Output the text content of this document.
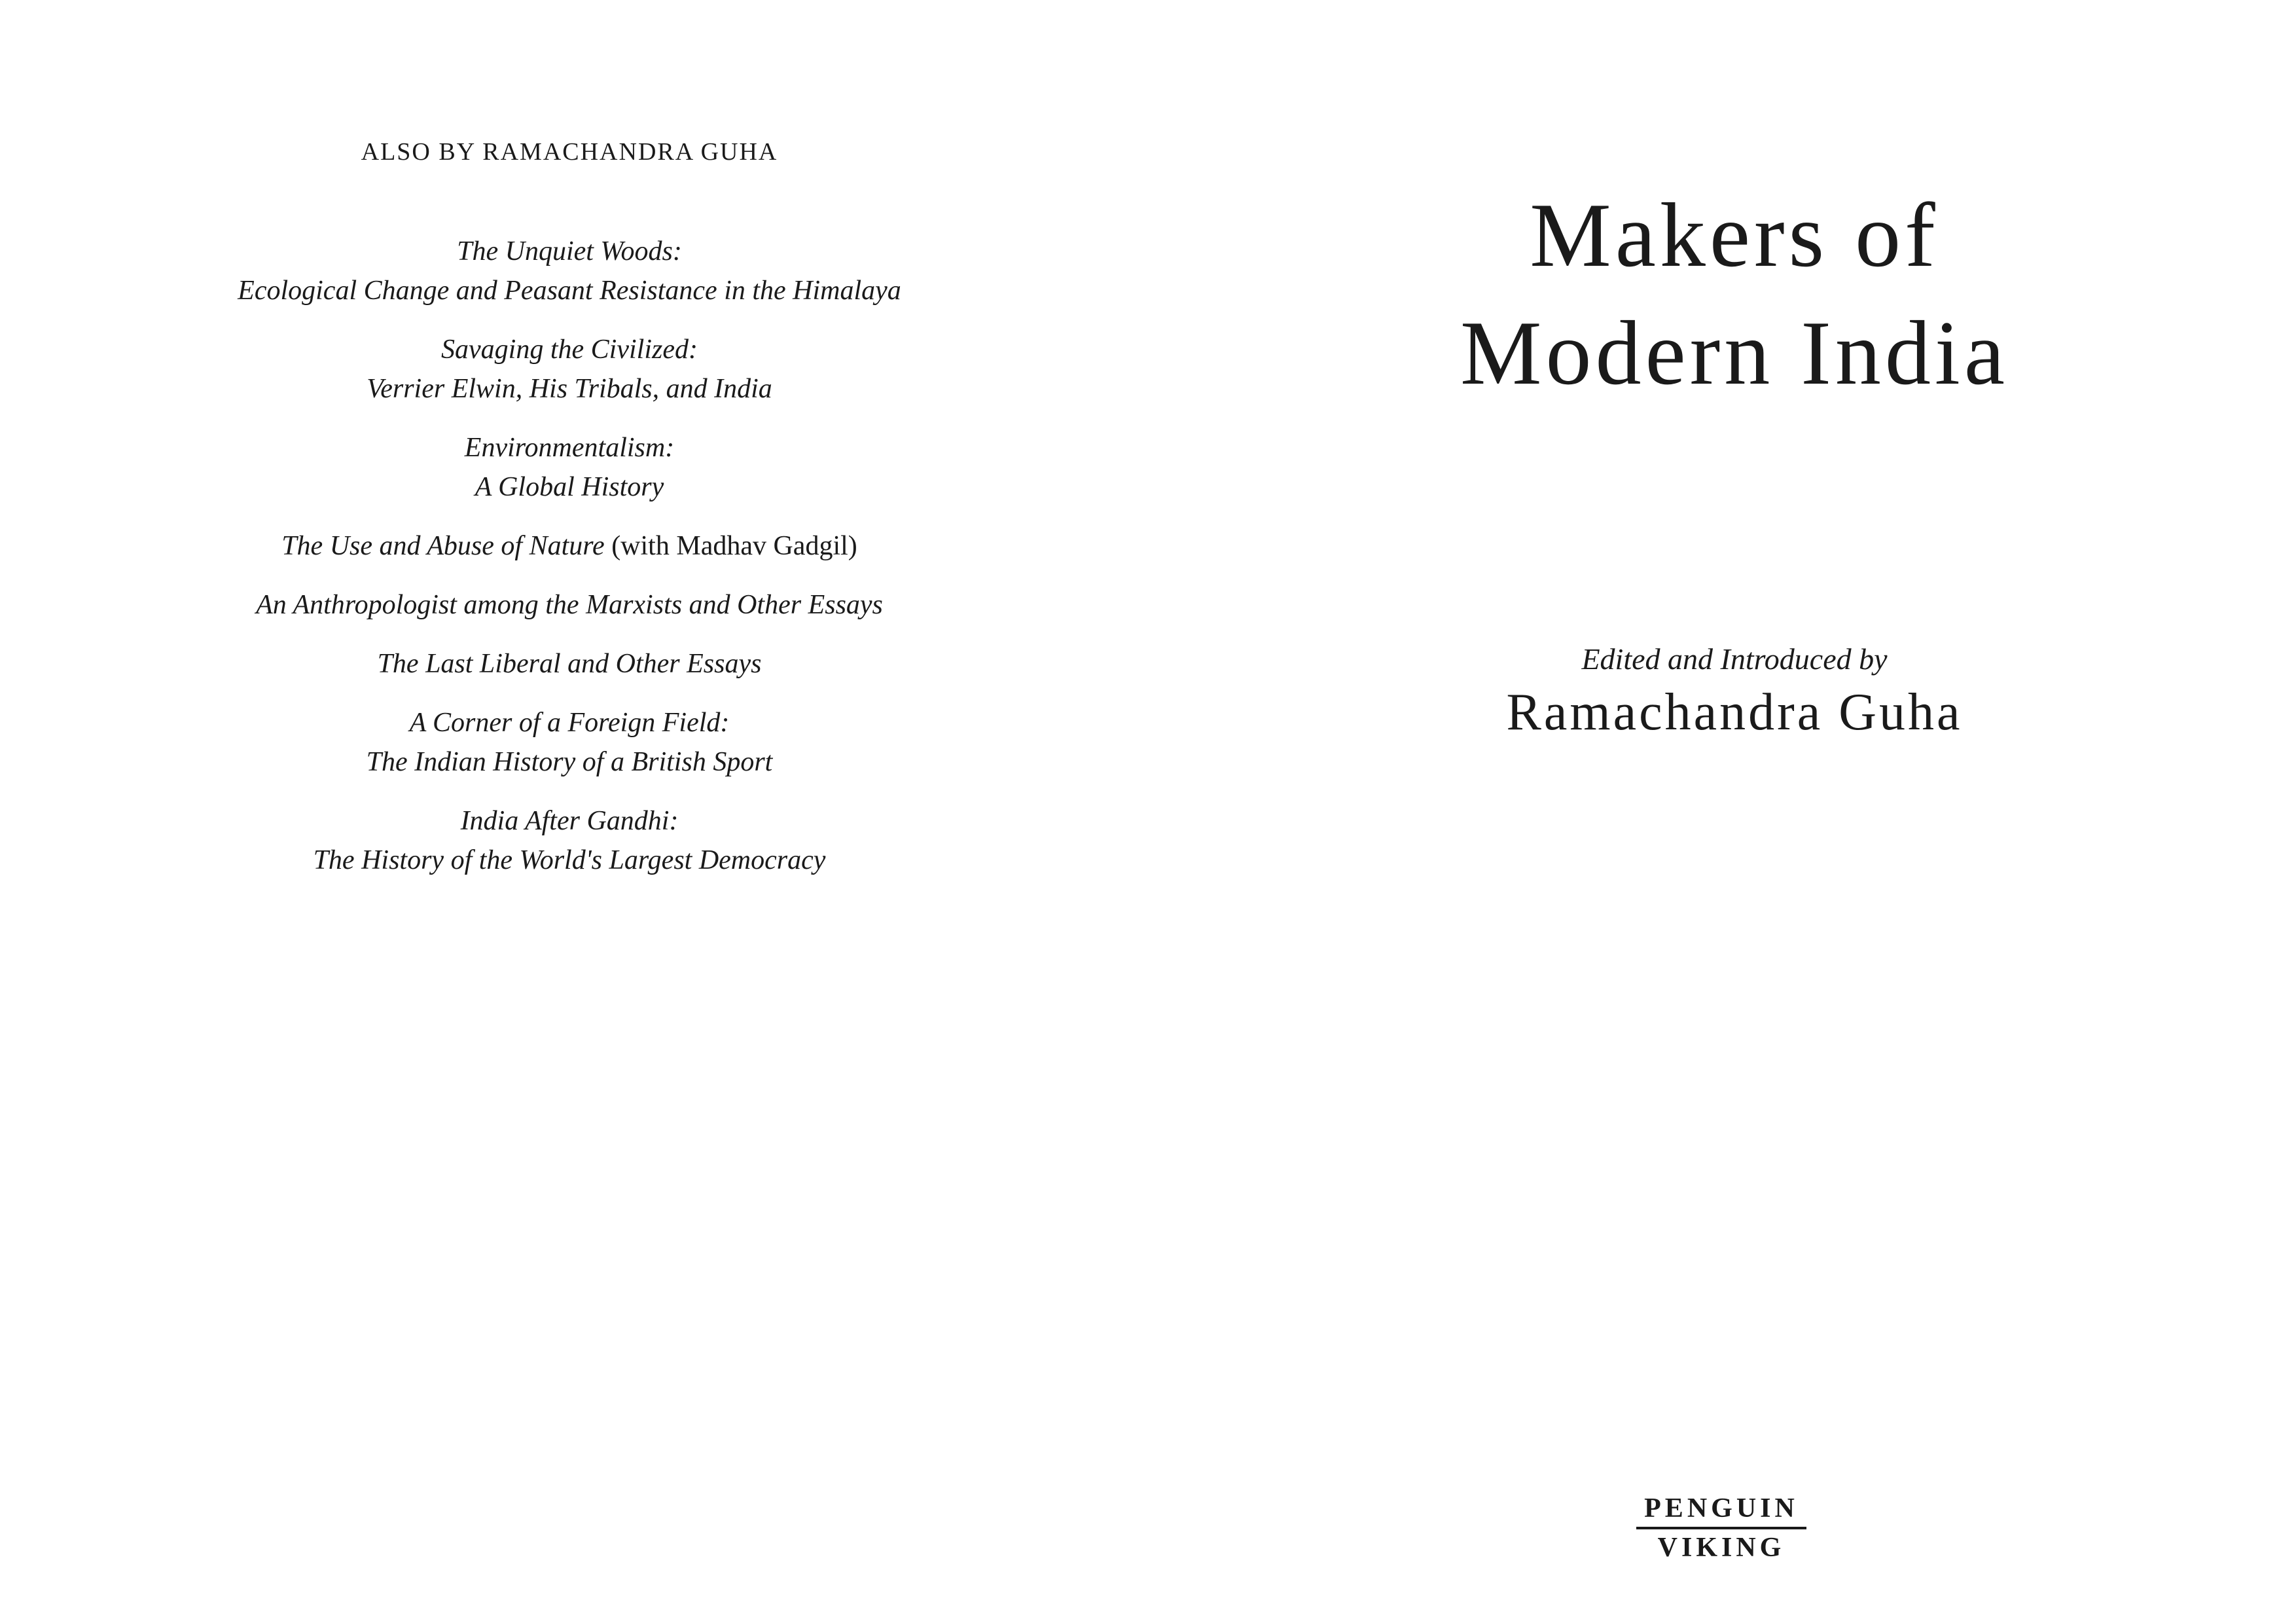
ALSO BY RAMACHANDRA GUHA
The Unquiet Woods:
Ecological Change and Peasant Resistance in the Himalaya
Savaging the Civilized:
Verrier Elwin, His Tribals, and India
Environmentalism:
A Global History
The Use and Abuse of Nature (with Madhav Gadgil)
An Anthropologist among the Marxists and Other Essays
The Last Liberal and Other Essays
A Corner of a Foreign Field:
The Indian History of a British Sport
India After Gandhi:
The History of the World's Largest Democracy
Makers of
Modern India

Edited and Introduced by

Ramachandra Guha

PENGUIN
VIKING
